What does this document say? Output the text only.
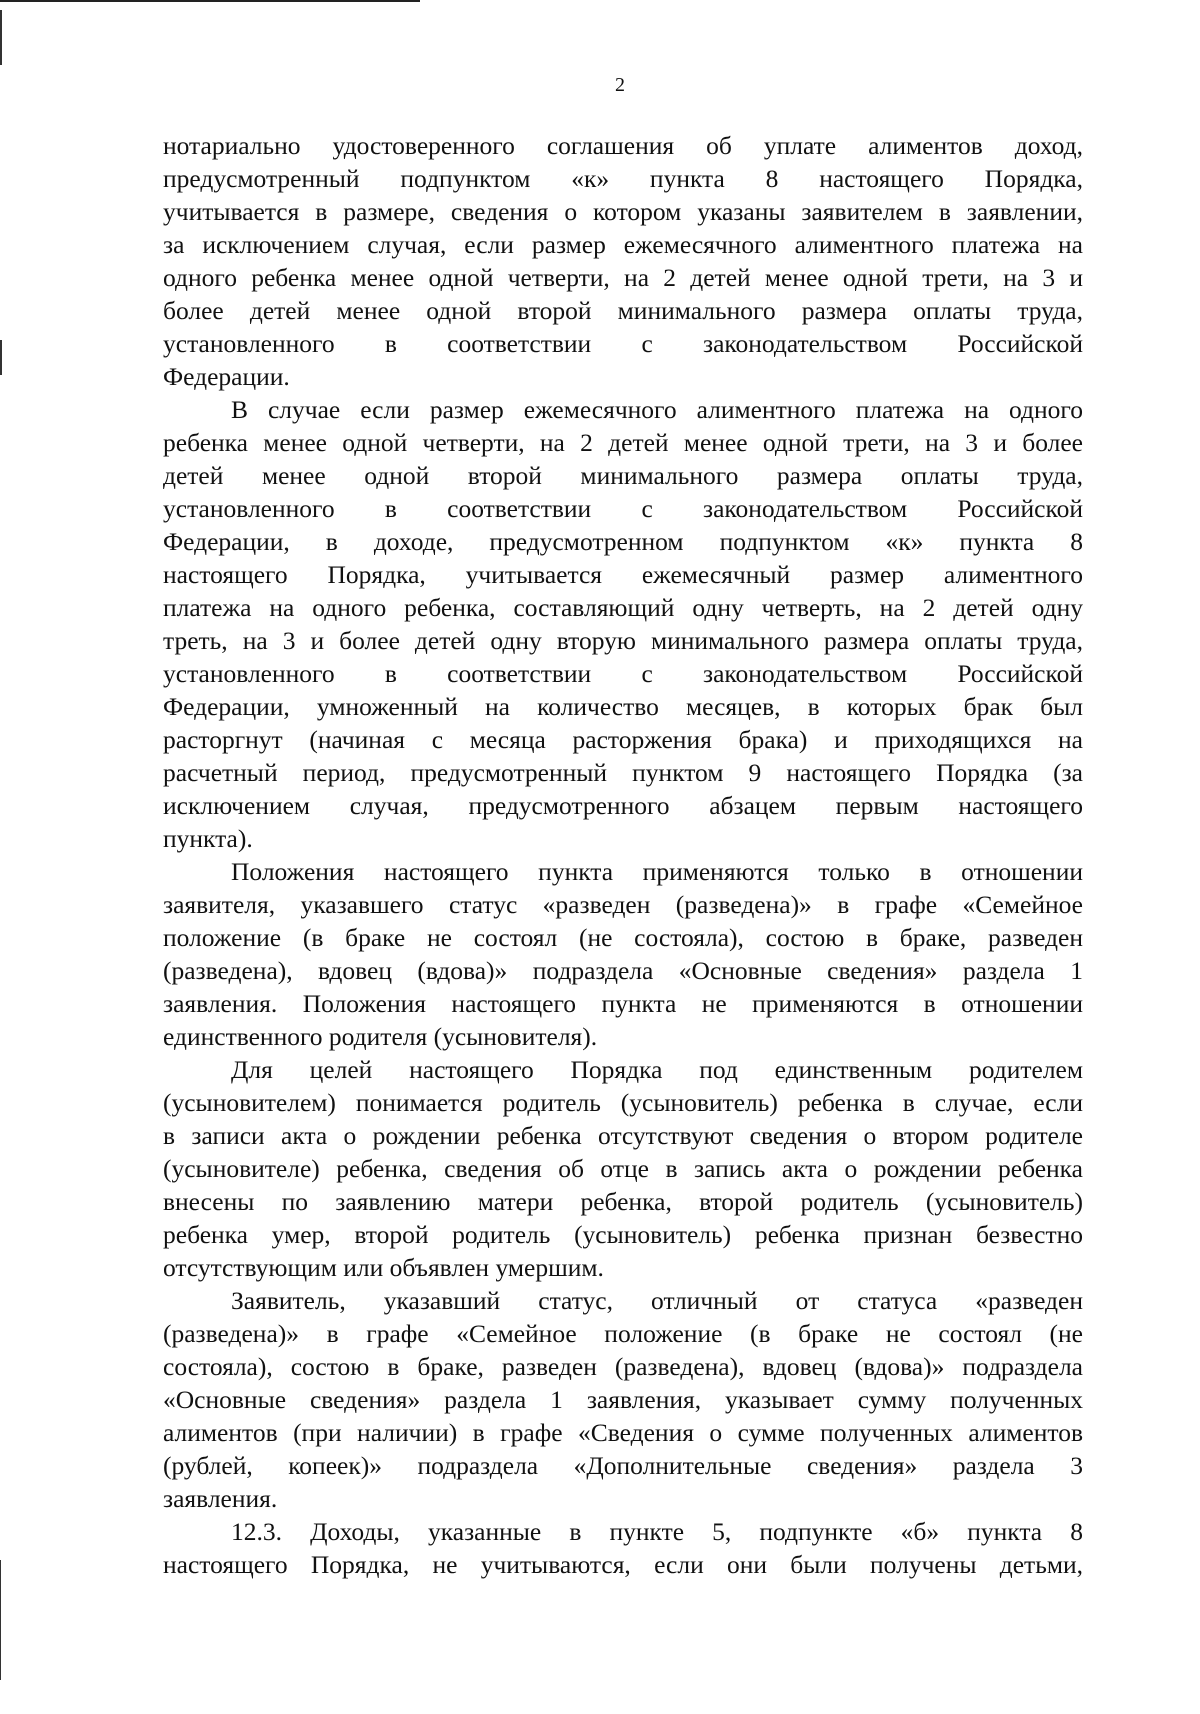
2
нотариально удостоверенного соглашения об уплате алиментов доход,
предусмотренный подпунктом «к» пункта 8 настоящего Порядка,
учитывается в размере, сведения о котором указаны заявителем в заявлении,
за исключением случая, если размер ежемесячного алиментного платежа на
одного ребенка менее одной четверти, на 2 детей менее одной трети, на 3 и
более детей менее одной второй минимального размера оплаты труда,
установленного в соответствии с законодательством Российской
Федерации.
В случае если размер ежемесячного алиментного платежа на одного
ребенка менее одной четверти, на 2 детей менее одной трети, на 3 и более
детей менее одной второй минимального размера оплаты труда,
установленного в соответствии с законодательством Российской
Федерации, в доходе, предусмотренном подпунктом «к» пункта 8
настоящего Порядка, учитывается ежемесячный размер алиментного
платежа на одного ребенка, составляющий одну четверть, на 2 детей одну
треть, на 3 и более детей одну вторую минимального размера оплаты труда,
установленного в соответствии с законодательством Российской
Федерации, умноженный на количество месяцев, в которых брак был
расторгнут (начиная с месяца расторжения брака) и приходящихся на
расчетный период, предусмотренный пунктом 9 настоящего Порядка (за
исключением случая, предусмотренного абзацем первым настоящего
пункта).
Положения настоящего пункта применяются только в отношении
заявителя, указавшего статус «разведен (разведена)» в графе «Семейное
положение (в браке не состоял (не состояла), состою в браке, разведен
(разведена), вдовец (вдова)» подраздела «Основные сведения» раздела 1
заявления. Положения настоящего пункта не применяются в отношении
единственного родителя (усыновителя).
Для целей настоящего Порядка под единственным родителем
(усыновителем) понимается родитель (усыновитель) ребенка в случае, если
в записи акта о рождении ребенка отсутствуют сведения о втором родителе
(усыновителе) ребенка, сведения об отце в запись акта о рождении ребенка
внесены по заявлению матери ребенка, второй родитель (усыновитель)
ребенка умер, второй родитель (усыновитель) ребенка признан безвестно
отсутствующим или объявлен умершим.
Заявитель, указавший статус, отличный от статуса «разведен
(разведена)» в графе «Семейное положение (в браке не состоял (не
состояла), состою в браке, разведен (разведена), вдовец (вдова)» подраздела
«Основные сведения» раздела 1 заявления, указывает сумму полученных
алиментов (при наличии) в графе «Сведения о сумме полученных алиментов
(рублей, копеек)» подраздела «Дополнительные сведения» раздела 3
заявления.
12.3. Доходы, указанные в пункте 5, подпункте «б» пункта 8
настоящего Порядка, не учитываются, если они были получены детьми,
